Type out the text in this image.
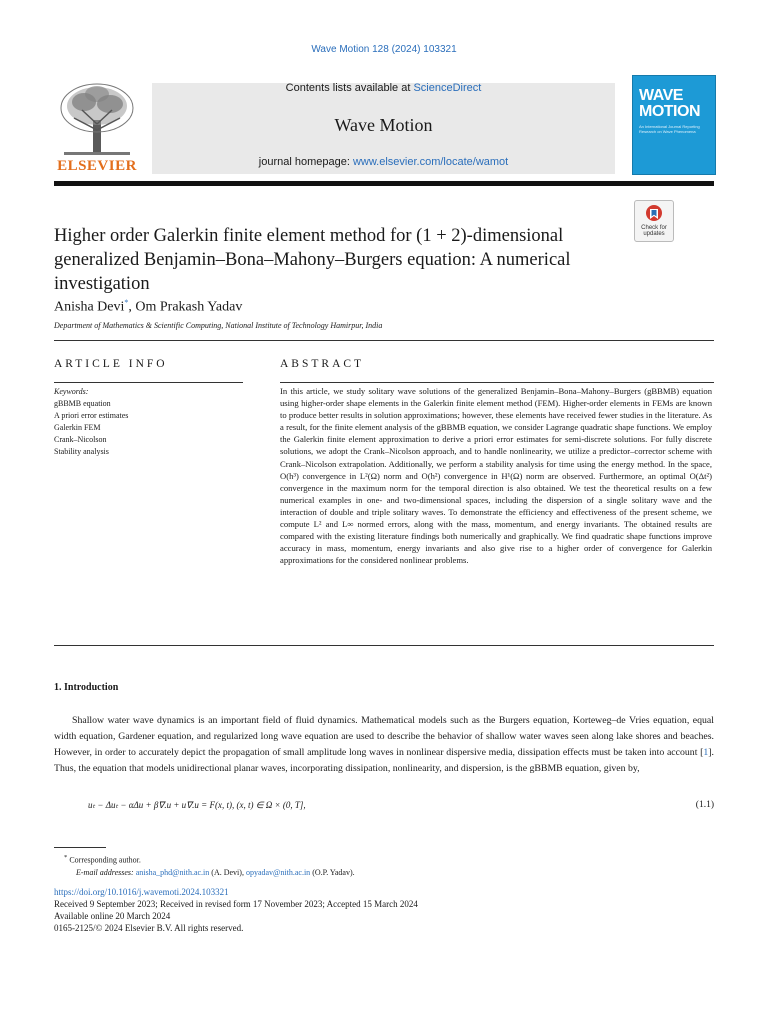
Wave Motion 128 (2024) 103321
ELSEVIER
Contents lists available at ScienceDirect
Wave Motion
journal homepage: www.elsevier.com/locate/wamot
WAVE
MOTION
An International Journal Reporting Research on Wave Phenomena
Check for updates
Higher order Galerkin finite element method for (1 + 2)-dimensional generalized Benjamin–Bona–Mahony–Burgers equation: A numerical investigation
Anisha Devi*, Om Prakash Yadav
Department of Mathematics & Scientific Computing, National Institute of Technology Hamirpur, India
ARTICLE INFO
Keywords:
gBBMB equation
A priori error estimates
Galerkin FEM
Crank–Nicolson
Stability analysis
ABSTRACT
In this article, we study solitary wave solutions of the generalized Benjamin–Bona–Mahony–Burgers (gBBMB) equation using higher-order shape elements in the Galerkin finite element method (FEM). Higher-order elements in FEMs are known to produce better results in solution approximations; however, these elements have received fewer studies in the literature. As a result, for the finite element analysis of the gBBMB equation, we consider Lagrange quadratic shape functions. We employ the Galerkin finite element approximation to derive a priori error estimates for semi-discrete solutions. For fully discrete solutions, we adopt the Crank–Nicolson approach, and to handle nonlinearity, we utilize a predictor–corrector scheme with Crank–Nicolson extrapolation. Additionally, we perform a stability analysis for time using the energy method. In the space, O(h³) convergence in L²(Ω) norm and O(h²) convergence in H¹(Ω) norm are observed. Furthermore, an optimal O(Δt²) convergence in the maximum norm for the temporal direction is also obtained. We test the theoretical results on a few numerical examples in one- and two-dimensional spaces, including the dispersion of a single solitary wave and the interaction of double and triple solitary waves. To demonstrate the efficiency and effectiveness of the present scheme, we compute L² and L∞ normed errors, along with the mass, momentum, and energy invariants. The obtained results are compared with the existing literature findings both numerically and graphically. We find quadratic shape functions improve accuracy in mass, momentum, energy invariants and also give rise to a higher order of convergence for Galerkin approximations for the considered nonlinear problems.
1. Introduction
Shallow water wave dynamics is an important field of fluid dynamics. Mathematical models such as the Burgers equation, Korteweg–de Vries equation, equal width equation, Gardener equation, and regularized long wave equation are used to describe the behavior of shallow water waves seen along lake shores and beaches. However, in order to accurately depict the propagation of small amplitude long waves in nonlinear dispersive media, dissipation effects must be taken into account [1]. Thus, the equation that models unidirectional planar waves, incorporating dissipation, nonlinearity, and dispersion, is the gBBMB equation, given by,
uₜ − Δuₜ − αΔu + β∇.u + u∇.u = F(x, t), (x, t) ∈ Ω × (0, T],	(1.1)
* Corresponding author.
E-mail addresses: anisha_phd@nith.ac.in (A. Devi), opyadav@nith.ac.in (O.P. Yadav).
https://doi.org/10.1016/j.wavemoti.2024.103321
Received 9 September 2023; Received in revised form 17 November 2023; Accepted 15 March 2024
Available online 20 March 2024
0165-2125/© 2024 Elsevier B.V. All rights reserved.
